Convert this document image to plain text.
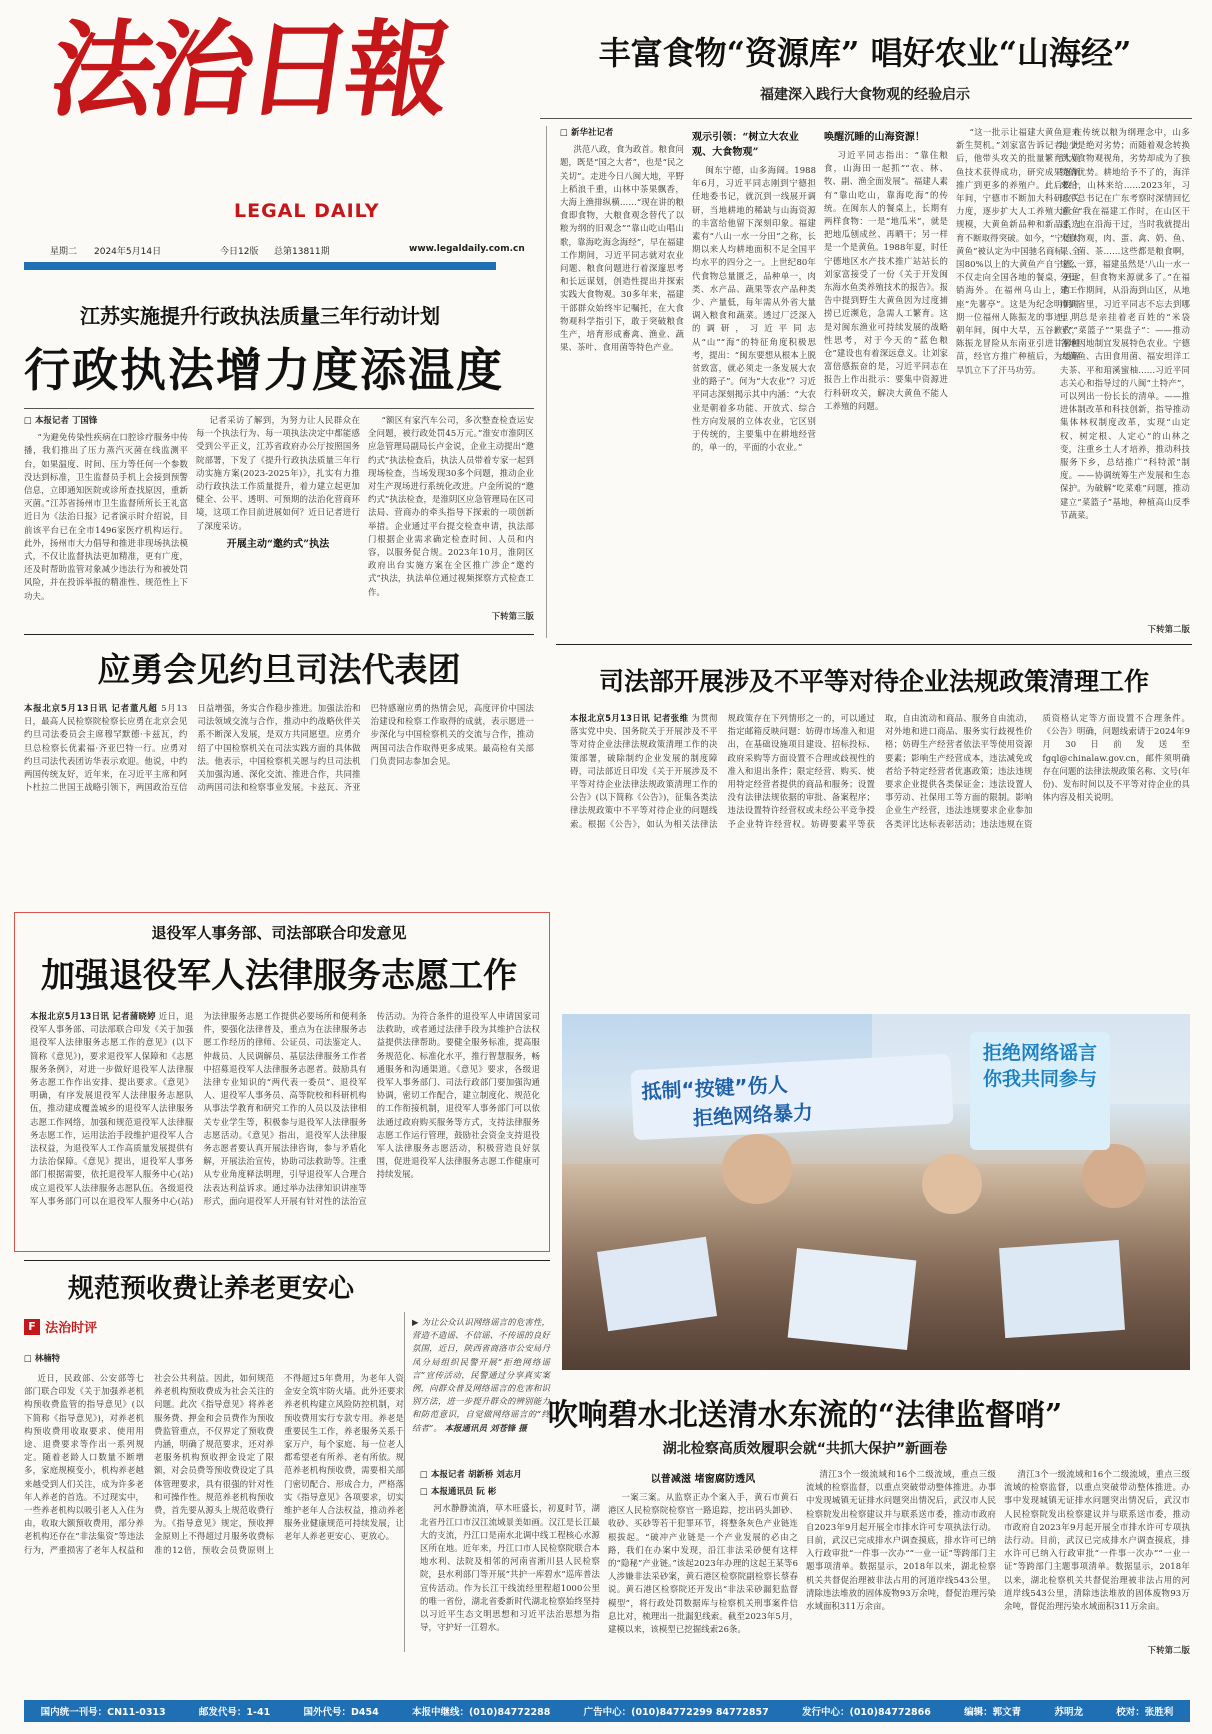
法治日報
LEGAL DAILY
星期二 2024年5月14日	今日12版 总第13811期	www.legaldaily.com.cn
丰富食物“资源库” 唱好农业“山海经”
福建深入践行大食物观的经验启示
□ 新华社记者

洪范八政，食为政首。粮食问题，既是“国之大者”，也是“民之关切”。走进今日八闽大地，平野上稻浪千重，山林中茶果飘香，大海上渔排纵横……“现在讲的粮食即食物，大粮食观念替代了以粮为纲的旧观念”“靠山吃山唱山歌，靠海吃海念海经”，早在福建工作期间，习近平同志就对农业问题、粮食问题进行着深邃思考和长远谋划，创造性提出并探索实践大食物观。30多年来，福建干部群众始终牢记嘱托，在大食物观科学指引下，敢于突破粮食生产，培育形成畜禽、渔业、蔬果、茶叶、食用菌等特色产业。

观示引领：“树立大农业观、大食物观”

闽东宁德，山多海阔。1988年6月，习近平同志刚到宁德担任地委书记，就沉到一线展开调研，当地耕地的稀缺与山海资源的丰富给他留下深刻印象。福建素有“八山一水一分田”之称，长期以来人均耕地面积不足全国平均水平的四分之一。上世纪80年代食物总量匮乏，品种单一，肉类、水产品、蔬果等农产品种类少、产量低，每年需从外省大量调入粮食和蔬菜。透过厂泛深入的调研，习近平同志从“山”“海”的特征角度积极思考，提出：“闽东要想从根本上脱贫致富，就必须走一条发展大农业的路子”。何为“大农业”？习近平同志深刻揭示其中内涵：“大农业是朝着多功能、开放式、综合性方向发展的立体农业，它区别于传统的，主要集中在耕地经营的，单一的，平面的小农业。”

唤醒沉睡的山海资源！

习近平同志指出：“靠住粮食，山海田一起抓”“农、林、牧、副、渔全面发展”。福建人素有“靠山吃山，靠海吃海”的传统。在闽东人的餐桌上，长期有两样食物：一是“地瓜米”，就是把地瓜刨成丝、再晒干；另一样是一个是黄鱼。1988年夏，时任宁德地区水产技术推广站站长的刘家富接受了一份《关于开发闽东海水鱼类养殖技术的报告》。报告中提到野生大黄鱼因为过度捕捞已近濒危，急需人工繁育。这是对闽东渔业可持续发展的战略性思考，对于今天的“蓝色粮仓”建设也有着深远意义。让刘家富倍感振奋的是，习近平同志在报告上作出批示：要集中资源进行科研攻关，解决大黄鱼不能人工养殖的问题。

“这一批示让福建大黄鱼迎来新生契机。”刘家富告诉记者。此后，他带头攻关的批量繁育大黄鱼技术获得成功，研究成果逐渐推广到更多的养殖户。此后数十年间，宁德市不断加大科研攻关力度，逐步扩大人工养殖大黄鱼规模，大黄鱼新品种和新品系选育不断取得突破。如今，“宁德大黄鱼”被认定为中国驰名商标，全国80%以上的大黄鱼产自宁德，不仅走向全国各地的餐桌，更远销海外。在福州乌山上，有一座“先薯亭”。这是为纪念明朝时期一位福州人陈振龙的事迹。明朝年间，闽中大旱，五谷歉收，陈振龙冒险从东南亚引进甘薯种苗，经官方推广种植后，为缓解旱饥立下了汗马功劳。

在传统以粮为纲理念中，山多地少是绝对劣势；而随着观念转换到大食物观视角，劣势却成为了独特的优势。耕地给予不了的，海洋来给，山林来给……2023年，习近平总书记在广东考察时深情回忆道：“我在福建工作时，在山区干过，也在沿海干过，当时我就提出大食物观，肉、蛋、禽、奶、鱼、果、菌、茶……这些都是粮食啊，这么一算，福建虽然是‘八山一水一分田’，但食物来源就多了。”在福建工作期间，从沿海到山区，从地市到省里，习近平同志不忘去到哪里，总是亲挂着老百姓的“米袋子”“菜篮子”“果盘子”：——推动各地因地制宜发展特色农业。宁德大黄鱼、古田食用菌、福安坦洋工夫茶、平和琯溪蜜柚……习近平同志关心和指导过的八闽“土特产”，可以列出一份长长的清单。——推进体制改革和科技创新，指导推动集体林权制度改革，实现“山定权、树定根、人定心”的山林之变，注重乡土人才培养，推动科技服务下乡，总结推广“科特派”制度。——协调统筹生产发展和生态保护。为破解“吃菜难”问题，推动建立“菜篮子”基地，种植高山反季节蔬菜。

下转第二版
江苏实施提升行政执法质量三年行动计划
行政执法增力度添温度
□ 本报记者 丁国锋

“为避免传染性疾病在口腔诊疗服务中传播，我们推出了压力蒸汽灭菌在线监测平台，如果温度、时间、压力等任何一个参数没达到标准，卫生监督员手机上会接到预警信息，立即通知医院或诊所查找原因，重新灭菌。”江苏省扬州市卫生监督所所长王礼富近日为《法治日报》记者演示时介绍说，目前该平台已在全市1496家医疗机构运行。此外，扬州市大力倡导和推进非现场执法模式，不仅让监督执法更加精准，更有广度，还及时帮助监管对象减少违法行为和被处罚风险，并在投诉举报的精准性、规范性上下功夫。

记者采访了解到，为努力让人民群众在每一个执法行为、每一项执法决定中都能感受到公平正义，江苏省政府办公厅按照国务院部署，下发了《提升行政执法质量三年行动实施方案(2023-2025年)》，扎实有力推动行政执法工作质量提升，着力建立起更加健全、公平、透明、可预期的法治化营商环境，这项工作目前进展如何？近日记者进行了深度采访。

开展主动“邀约式”执法

“额区有家汽车公司，多次整查检查运安全问题，被行政处罚45万元。”淮安市淮阴区应急管理局副局长卢金说，企业主动提出“邀约式”执法检查后，执法人员带着专家一起到现场检查，当场发现30多个问题，推动企业对生产现场进行系统化改进。户金所说的“邀约式”执法检查，是淮阴区应急管理局在区司法局、营商办的牵头指导下探索的一项创新举措。企业通过平台提交检查申请，执法部门根据企业需求确定检查时间、人员和内容，以服务促合规。2023年10月，淮阴区政府出台实施方案在全区推广涉企“邀约式”执法，执法单位通过视频探察方式检查工作。

下转第三版
应勇会见约旦司法代表团
本报北京5月13日讯 记者董凡超 5月13日，最高人民检察院检察长应勇在北京会见约旦司法委员会主席穆罕默德·卡兹瓦，约旦总检察长优素福·齐亚巴特一行。应勇对约旦司法代表团访华表示欢迎。他说，中约两国传统友好，近年来，在习近平主席和阿卜杜拉二世国王战略引领下，两国政治互信日益增强，务实合作稳步推进。加强法治和司法领域交流与合作，推动中约战略伙伴关系不断深入发展，是双方共同愿望。应勇介绍了中国检察机关在司法实践方面的具体做法。他表示，中国检察机关愿与约旦司法机关加强沟通、深化交流、推进合作，共同推动两国司法和检察事业发展。卡兹瓦、齐亚巴特感谢应勇的热情会见，高度评价中国法治建设和检察工作取得的成就，表示愿进一步深化与中国检察机关的交流与合作，推动两国司法合作取得更多成果。最高检有关部门负责同志参加会见。

司法部开展涉及不平等对待企业法规政策清理工作
本报北京5月13日讯 记者张维 为贯彻落实党中央、国务院关于开展涉及不平等对待企业法律法规政策清理工作的决策部署，破除制约企业发展的制度障碍，司法部近日印发《关于开展涉及不平等对待企业法律法规政策清理工作的公告》(以下简称《公告》)，征集各类法律法规政策中不平等对待企业的问题线索。根据《公告》，如认为相关法律法规政策存在下列情形之一的，可以通过指定邮箱反映问题：妨碍市场准入和退出，在基础设施项目建设、招标投标、政府采购等方面设置不合理或歧视性的准入和退出条件；限定经营、购买、使用特定经营者提供的商品和服务；设置没有法律法规依据的审批、备案程序；违法设置特许经营权或未经公平竞争授予企业特许经营权。妨碍要素平等获取，自由流动和商品、服务自由流动，对外地和进口商品、服务实行歧视性价格；妨碍生产经营者依法平等使用资源要素；影响生产经营成本，违法减免或者给予特定经营者优惠政策；违法违规要求企业提供各类保证金；违法设置人事劳动、社保用工等方面的限制。影响企业生产经营，违法违规要求企业参加各类评比达标表彰活动；违法违规在资质资格认定等方面设置不合理条件。《公告》明确，问题线索请于2024年9月30日前发送至fgql@chinalaw.gov.cn，邮件须明确存在问题的法律法规政策名称、文号(年份)、发布时间以及不平等对待企业的具体内容及相关说明。

退役军人事务部、司法部联合印发意见
加强退役军人法律服务志愿工作
本报北京5月13日讯 记者蒲晓婷 近日，退役军人事务部、司法部联合印发《关于加强退役军人法律服务志愿工作的意见》(以下简称《意见》)，要求退役军人保障和《志愿服务条例》，对进一步做好退役军人法律服务志愿工作作出安排、提出要求。《意见》明确，有序发展退役军人法律服务志愿队伍，推动建成覆盖城乡的退役军人法律服务志愿工作网络，加强和规范退役军人法律服务志愿工作，运用法治手段维护退役军人合法权益，为退役军人工作高质量发展提供有力法治保障。《意见》提出，退役军人事务部门根据需要，依托退役军人服务中心(站)成立退役军人法律服务志愿队伍。各级退役军人事务部门可以在退役军人服务中心(站)为法律服务志愿工作提供必要场所和便利条件，要强化法律普及，重点为在法律服务志愿工作经历的律师、公证员、司法鉴定人、仲裁员、人民调解员、基层法律服务工作者中招募退役军人法律服务志愿者。鼓励具有法律专业知识的“两代表一委员”、退役军人、退役军人事务员、高等院校和科研机构从事法学教育和研究工作的人员以及法律相关专业学生等，积极参与退役军人法律服务志愿活动。《意见》指出，退役军人法律服务志愿者要认真开展法律咨询，参与矛盾化解，开展法治宣传，协助司法救助等。注重从专业角度释法明理，引导退役军人合理合法表达利益诉求。通过举办法律知识讲座等形式，面向退役军人开展有针对性的法治宣传活动。为符合条件的退役军人申请国家司法救助，或者通过法律手段为其维护合法权益提供法律帮助。要健全服务标准，提高服务规范化、标准化水平，推行智慧服务，畅通服务和沟通渠道。《意见》要求，各级退役军人事务部门、司法行政部门要加强沟通协调，密切工作配合，建立制度化、规范化的工作衔接机制，退役军人事务部门可以依法通过政府购买服务等方式，支持法律服务志愿工作运行管理，鼓励社会资金支持退役军人法律服务志愿活动，积极营造良好氛围，促进退役军人法律服务志愿工作健康可持续发展。

抵制“按键”伤人
拒绝网络暴力
拒绝网络谣言 你我共同参与
规范预收费让养老更安心
F 法治时评
□ 林楠特

近日，民政部、公安部等七部门联合印发《关于加强养老机构预收费监管的指导意见》(以下简称《指导意见》)，对养老机构预收费用收取要求、使用用途、退费要求等作出一系列规定。随着老龄人口数量不断增多，家庭规模变小，机构养老越来越受到人们关注，成为许多老年人养老的首选。不过现实中，一些养老机构以吸引老人入住为由，收取大额预收费用，部分养老机构还存在“非法集资”等违法行为，严重损害了老年人权益和社会公共利益。因此，如何规范养老机构预收费成为社会关注的问题。此次《指导意见》将养老服务费、押金和会员费作为预收费监管重点，不仅界定了预收费内涵，明确了规范要求，还对养老服务机构预收押金设定了限额，对会员费等预收费设定了具体管理要求，具有很强的针对性和可操作性。规范养老机构预收费，首先要从源头上规范收费行为。《指导意见》规定，预收押金原则上不得超过月服务收费标准的12倍，预收会员费原则上不得超过5年费用，为老年人资金安全筑牢防火墙。此外还要求养老机构建立风险防控机制，对预收费用实行专款专用。养老是重要民生工作，养老服务关系千家万户，每个家庭、每一位老人都希望老有所养、老有所依。规范养老机构预收费，需要相关部门密切配合、形成合力，严格落实《指导意见》各项要求，切实维护老年人合法权益，推动养老服务业健康规范可持续发展，让老年人养老更安心、更放心。

▶ 为让公众认识网络谣言的危害性，营造不造谣、不信谣、不传谣的良好氛围，近日，陕西省商洛市公安局丹凤分局组织民警开展“拒绝网络谣言”宣传活动，民警通过分享真实案例，向群众普及网络谣言的危害和识别方法，进一步提升群众的辨别能力和防范意识，自觉做网络谣言的“终结者”。 本报通讯员 刘苍锋 摄 吹响碧水北送清水东流的“法律监督哨”
湖北检察高质效履职会就“共抓大保护”新画卷
□ 本报记者 胡新桥 刘志月
□ 本报通讯员 阮 彬

河水静静流淌，草木旺盛长，初夏时节，湖北省丹江口市汉江流域景美如画。汉江是长江最大的支流，丹江口是南水北调中线工程核心水源区所在地。近年来，丹江口市人民检察院联合本地水利、法院及相邻的河南省淅川县人民检察院，县水利部门等开展“共护一库碧水”巡库普法宣传活动。作为长江干线流经里程超1000公里的唯一省份，湖北省委新时代湖北检察始终坚持以习近平生态文明思想和习近平法治思想为指导，守护好一江碧水。

以普减滋 堵窗腐防透风

一案三案。从监察正办个案入手，黄石市黄石港区人民检察院检察官一路追踪，挖出码头卸砂、收砂、买砂等若干犯罪环节，将整条灰色产业链连根拔起。“破冲产业链是一个产业发展的必由之路，我们在办案中发现，沿江非法采砂便有这样的“隐秘”产业链。”该起2023年办理的这起王某等6人涉嫌非法采砂案，黄石港区检察院副检察长蔡春说。黄石港区检察院还开发出“非法采砂漏犯监督模型”，将行政处罚数据库与检察机关刑事案件信息比对，梳理出一批漏犯线索。截至2023年5月，建模以来，该模型已挖掘线索26条。

清江3个一级流域和16个二级流域，重点三级流域的检察监督，以重点突破带动整体推进。办事中发现城镇无证排水问题突出情况后，武汉市人民检察院发出检察建议并与联系送市委，推动市政府自2023年9月起开展全市排水许可专项执法行动。目前，武汉已完成排水户调查摸底，排水许可已纳入行政审批“一件事一次办”“一业一证”等跨部门主题事项清单。数据显示，2018年以来，湖北检察机关共督促治理被非法占用的河道岸线543公里，清除违法堆放的固体废物93万余吨，督促治理污染水域面积311万余亩。

清江3个一级流域和16个二级流域，重点三级流域的检察监督，以重点突破带动整体推进。办事中发现城镇无证排水问题突出情况后，武汉市人民检察院发出检察建议并与联系送市委，推动市政府自2023年9月起开展全市排水许可专项执法行动。目前，武汉已完成排水户调查摸底，排水许可已纳入行政审批“一件事一次办”“一业一证”等跨部门主题事项清单。数据显示，2018年以来，湖北检察机关共督促治理被非法占用的河道岸线543公里，清除违法堆放的固体废物93万余吨，督促治理污染水域面积311万余亩。

下转第二版
国内统一刊号：CN11-0313	邮发代号：1-41	国外代号：D454	本报中继线：(010)84772288	广告中心：(010)84772299 84772857	发行中心：(010)84772866	编辑：郭文青	苏明龙	校对：张胜利
